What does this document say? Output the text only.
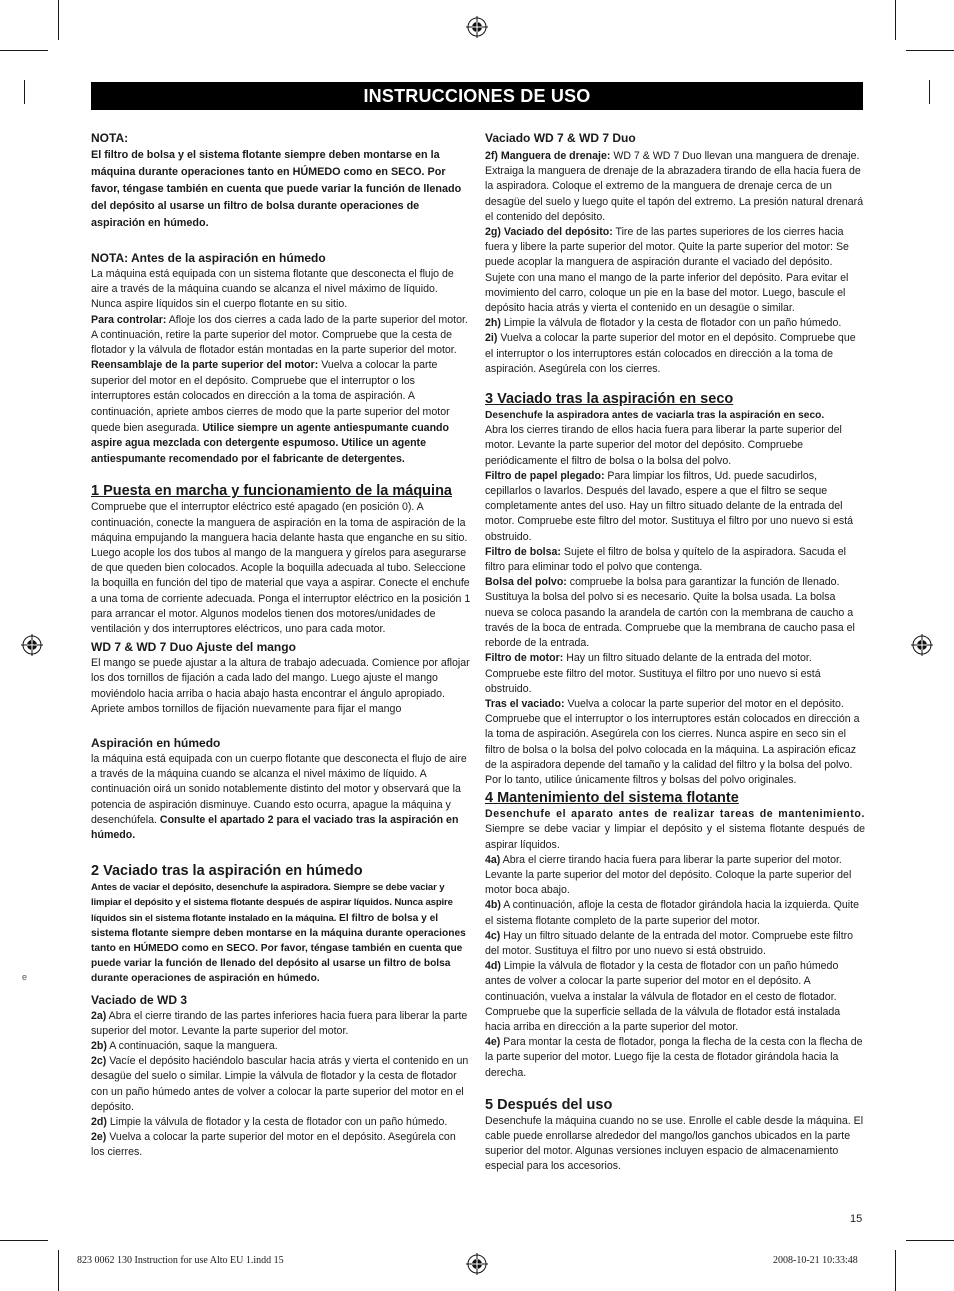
INSTRUCCIONES DE USO
NOTA:

El filtro de bolsa y el sistema flotante siempre deben montarse en la máquina durante operaciones tanto en HÚMEDO como en SECO. Por favor, téngase también en cuenta que puede variar la función de llenado del depósito al usarse un filtro de bolsa durante operaciones de aspiración en húmedo.

NOTA: Antes de la aspiración en húmedo

La máquina está equipada con un sistema flotante que desconecta el flujo de aire a través de la máquina cuando se alcanza el nivel máximo de líquido. Nunca aspire líquidos sin el cuerpo flotante en su sitio.

Para controlar: Afloje los dos cierres a cada lado de la parte superior del motor. A continuación, retire la parte superior del motor. Compruebe que la cesta de flotador y la válvula de flotador están montadas en la parte superior del motor.

Reensamblaje de la parte superior del motor: Vuelva a colocar la parte superior del motor en el depósito. Compruebe que el interruptor o los interruptores están colocados en dirección a la toma de aspiración. A continuación, apriete ambos cierres de modo que la parte superior del motor quede bien asegurada. Utilice siempre un agente antiespumante cuando aspire agua mezclada con detergente espumoso. Utilice un agente antiespumante recomendado por el fabricante de detergentes.

1 Puesta en marcha y funcionamiento de la máquina

Compruebe que el interruptor eléctrico esté apagado (en posición 0). A continuación, conecte la manguera de aspiración en la toma de aspiración de la máquina empujando la manguera hacia delante hasta que enganche en su sitio. Luego acople los dos tubos al mango de la manguera y gírelos para asegurarse de que queden bien colocados. Acople la boquilla adecuada al tubo. Seleccione la boquilla en función del tipo de material que vaya a aspirar. Conecte el enchufe a una toma de corriente adecuada. Ponga el interruptor eléctrico en la posición 1 para arrancar el motor. Algunos modelos tienen dos motores/unidades de ventilación y dos interruptores eléctricos, uno para cada motor.

WD 7 & WD 7 Duo Ajuste del mango

El mango se puede ajustar a la altura de trabajo adecuada. Comience por aflojar los dos tornillos de fijación a cada lado del mango. Luego ajuste el mango moviéndolo hacia arriba o hacia abajo hasta encontrar el ángulo apropiado. Apriete ambos tornillos de fijación nuevamente para fijar el mango

Aspiración en húmedo

la máquina está equipada con un cuerpo flotante que desconecta el flujo de aire a través de la máquina cuando se alcanza el nivel máximo de líquido. A continuación oirá un sonido notablemente distinto del motor y observará que la potencia de aspiración disminuye. Cuando esto ocurra, apague la máquina y desenchúfela. Consulte el apartado 2 para el vaciado tras la aspiración en húmedo.

2 Vaciado tras la aspiración en húmedo

Antes de vaciar el depósito, desenchufe la aspiradora. Siempre se debe vaciar y limpiar el depósito y el sistema flotante después de aspirar líquidos. Nunca aspire líquidos sin el sistema flotante instalado en la máquina. El filtro de bolsa y el sistema flotante siempre deben montarse en la máquina durante operaciones tanto en HÚMEDO como en SECO. Por favor, téngase también en cuenta que puede variar la función de llenado del depósito al usarse un filtro de bolsa durante operaciones de aspiración en húmedo.

Vaciado de WD 3

2a) Abra el cierre tirando de las partes inferiores hacia fuera para liberar la parte superior del motor. Levante la parte superior del motor.

2b) A continuación, saque la manguera.

2c) Vacíe el depósito haciéndolo bascular hacia atrás y vierta el contenido en un desagüe del suelo o similar. Limpie la válvula de flotador y la cesta de flotador con un paño húmedo antes de volver a colocar la parte superior del motor en el depósito.

2d) Limpie la válvula de flotador y la cesta de flotador con un paño húmedo.

2e) Vuelva a colocar la parte superior del motor en el depósito. Asegúrela con los cierres.

Vaciado WD 7 & WD 7 Duo

2f) Manguera de drenaje: WD 7 & WD 7 Duo llevan una manguera de drenaje. Extraiga la manguera de drenaje de la abrazadera tirando de ella hacia fuera de la aspiradora. Coloque el extremo de la manguera de drenaje cerca de un desagüe del suelo y luego quite el tapón del extremo. La presión natural drenará el contenido del depósito.

2g) Vaciado del depósito: Tire de las partes superiores de los cierres hacia fuera y libere la parte superior del motor. Quite la parte superior del motor: Se puede acoplar la manguera de aspiración durante el vaciado del depósito. Sujete con una mano el mango de la parte inferior del depósito. Para evitar el movimiento del carro, coloque un pie en la base del motor. Luego, bascule el depósito hacia atrás y vierta el contenido en un desagüe o similar.

2h) Limpie la válvula de flotador y la cesta de flotador con un paño húmedo.

2i) Vuelva a colocar la parte superior del motor en el depósito. Compruebe que el interruptor o los interruptores están colocados en dirección a la toma de aspiración. Asegúrela con los cierres.

3 Vaciado tras la aspiración en seco

Desenchufe la aspiradora antes de vaciarla tras la aspiración en seco.

Abra los cierres tirando de ellos hacia fuera para liberar la parte superior del motor. Levante la parte superior del motor del depósito. Compruebe periódicamente el filtro de bolsa o la bolsa del polvo.

Filtro de papel plegado: Para limpiar los filtros, Ud. puede sacudirlos, cepillarlos o lavarlos. Después del lavado, espere a que el filtro se seque completamente antes del uso. Hay un filtro situado delante de la entrada del motor. Compruebe este filtro del motor. Sustituya el filtro por uno nuevo si está obstruido.

Filtro de bolsa: Sujete el filtro de bolsa y quítelo de la aspiradora. Sacuda el filtro para eliminar todo el polvo que contenga.

Bolsa del polvo: compruebe la bolsa para garantizar la función de llenado. Sustituya la bolsa del polvo si es necesario. Quite la bolsa usada. La bolsa nueva se coloca pasando la arandela de cartón con la membrana de caucho a través de la boca de entrada. Compruebe que la membrana de caucho pasa el reborde de la entrada.

Filtro de motor: Hay un filtro situado delante de la entrada del motor. Compruebe este filtro del motor. Sustituya el filtro por uno nuevo si está obstruido.

Tras el vaciado: Vuelva a colocar la parte superior del motor en el depósito. Compruebe que el interruptor o los interruptores están colocados en dirección a la toma de aspiración. Asegúrela con los cierres. Nunca aspire en seco sin el filtro de bolsa o la bolsa del polvo colocada en la máquina. La aspiración eficaz de la aspiradora depende del tamaño y la calidad del filtro y la bolsa del polvo. Por lo tanto, utilice únicamente filtros y bolsas del polvo originales.

4 Mantenimiento del sistema flotante

Desenchufe el aparato antes de realizar tareas de mantenimiento. Siempre se debe vaciar y limpiar el depósito y el sistema flotante después de aspirar líquidos.

4a) Abra el cierre tirando hacia fuera para liberar la parte superior del motor. Levante la parte superior del motor del depósito. Coloque la parte superior del motor boca abajo.

4b) A continuación, afloje la cesta de flotador girándola hacia la izquierda. Quite el sistema flotante completo de la parte superior del motor.

4c) Hay un filtro situado delante de la entrada del motor. Compruebe este filtro del motor. Sustituya el filtro por uno nuevo si está obstruido.

4d) Limpie la válvula de flotador y la cesta de flotador con un paño húmedo antes de volver a colocar la parte superior del motor en el depósito. A continuación, vuelva a instalar la válvula de flotador en el cesto de flotador. Compruebe que la superficie sellada de la válvula de flotador está instalada hacia arriba en dirección a la parte superior del motor.

4e) Para montar la cesta de flotador, ponga la flecha de la cesta con la flecha de la parte superior del motor. Luego fije la cesta de flotador girándola hacia la derecha.

5 Después del uso

Desenchufe la máquina cuando no se use. Enrolle el cable desde la máquina. El cable puede enrollarse alrededor del mango/los ganchos ubicados en la parte superior del motor. Algunas versiones incluyen espacio de almacenamiento especial para los accesorios.

e
15
823 0062 130 Instruction for use Alto EU 1.indd 15	2008-10-21 10:33:48
